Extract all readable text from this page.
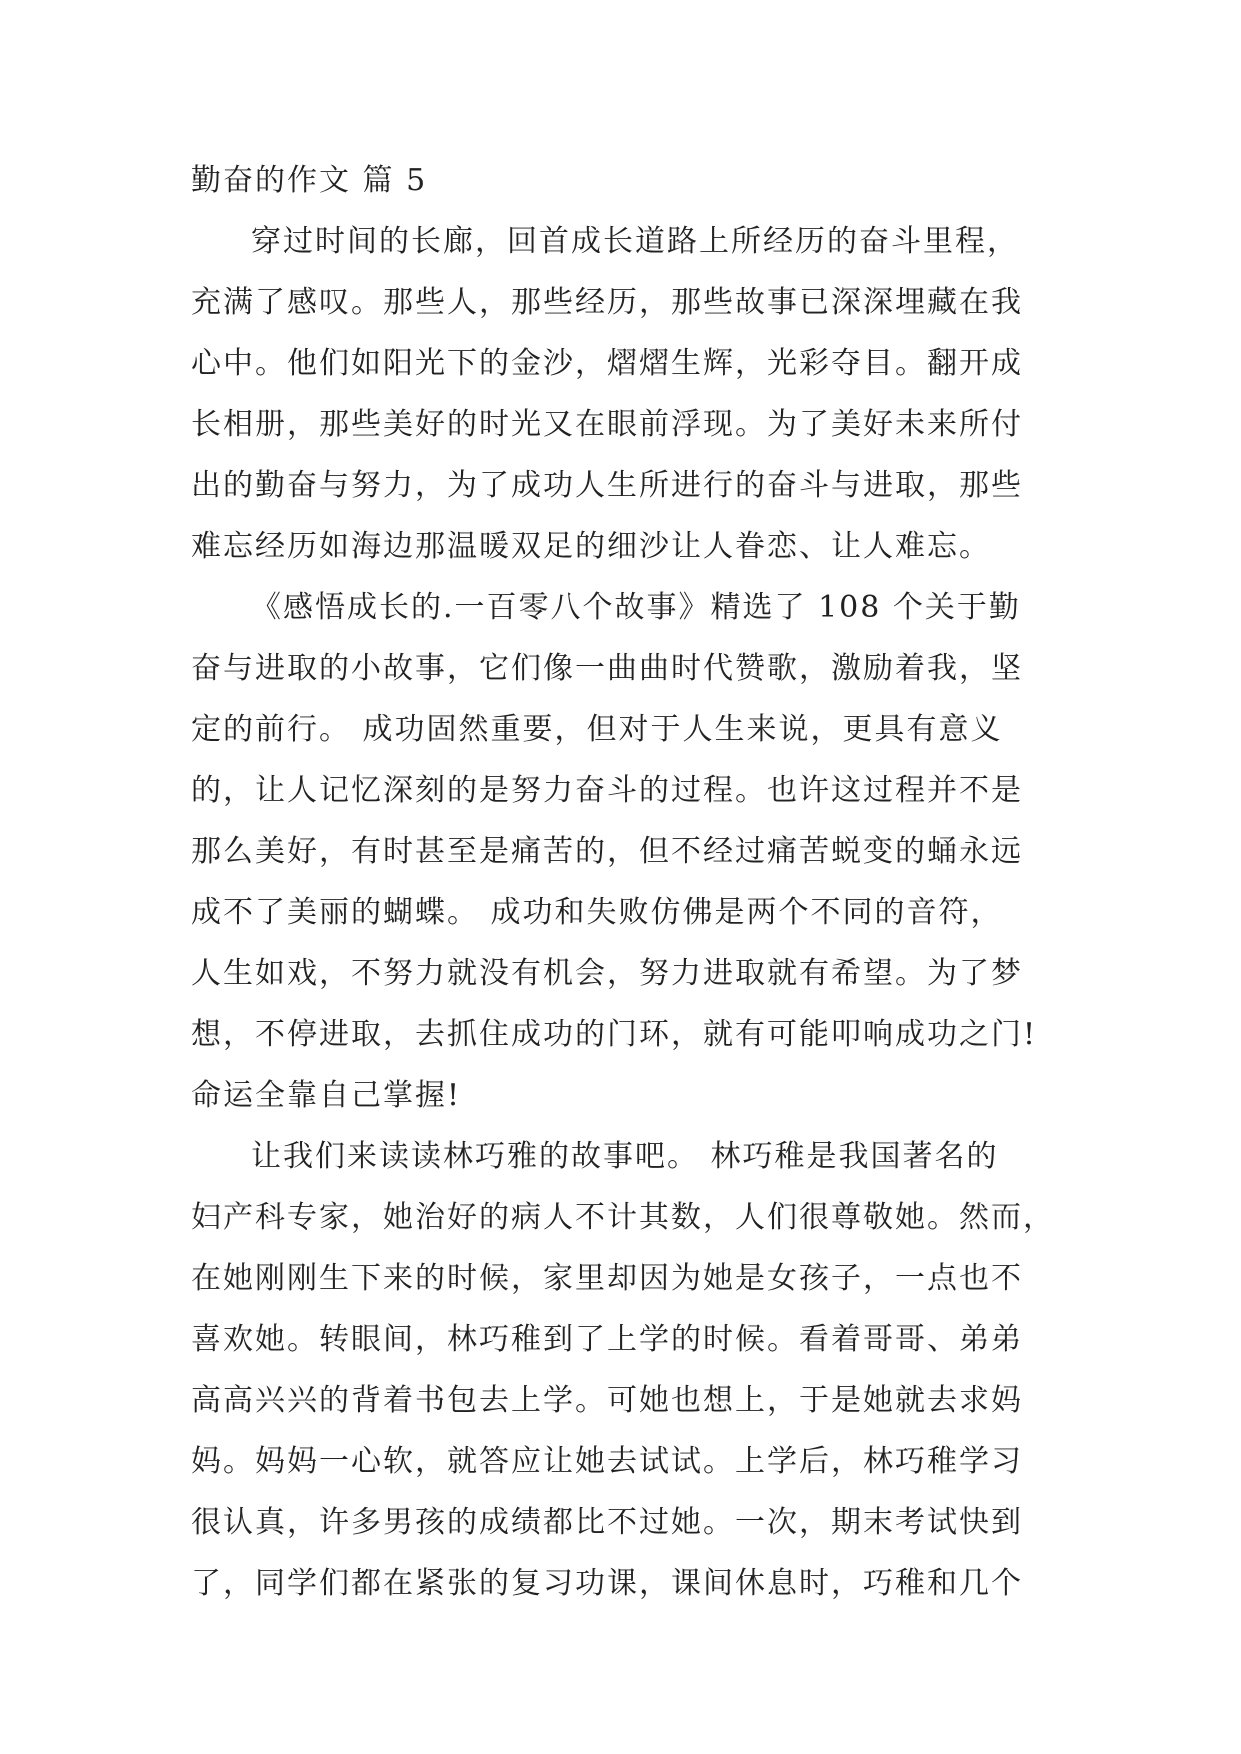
勤奋的作文 篇 5
穿过时间的长廊，回首成长道路上所经历的奋斗里程，
充满了感叹。那些人，那些经历，那些故事已深深埋藏在我
心中。他们如阳光下的金沙，熠熠生辉，光彩夺目。翻开成
长相册，那些美好的时光又在眼前浮现。为了美好未来所付
出的勤奋与努力，为了成功人生所进行的奋斗与进取，那些
难忘经历如海边那温暖双足的细沙让人眷恋、让人难忘。
《感悟成长的.一百零八个故事》精选了 108 个关于勤
奋与进取的小故事，它们像一曲曲时代赞歌，激励着我，坚
定的前行。 成功固然重要，但对于人生来说，更具有意义
的，让人记忆深刻的是努力奋斗的过程。也许这过程并不是
那么美好，有时甚至是痛苦的，但不经过痛苦蜕变的蛹永远
成不了美丽的蝴蝶。 成功和失败仿佛是两个不同的音符，
人生如戏，不努力就没有机会，努力进取就有希望。为了梦
想，不停进取，去抓住成功的门环，就有可能叩响成功之门!
命运全靠自己掌握!
让我们来读读林巧雅的故事吧。 林巧稚是我国著名的
妇产科专家，她治好的病人不计其数，人们很尊敬她。然而，
在她刚刚生下来的时候，家里却因为她是女孩子，一点也不
喜欢她。转眼间，林巧稚到了上学的时候。看着哥哥、弟弟
高高兴兴的背着书包去上学。可她也想上，于是她就去求妈
妈。妈妈一心软，就答应让她去试试。上学后，林巧稚学习
很认真，许多男孩的成绩都比不过她。一次，期末考试快到
了，同学们都在紧张的复习功课，课间休息时，巧稚和几个
